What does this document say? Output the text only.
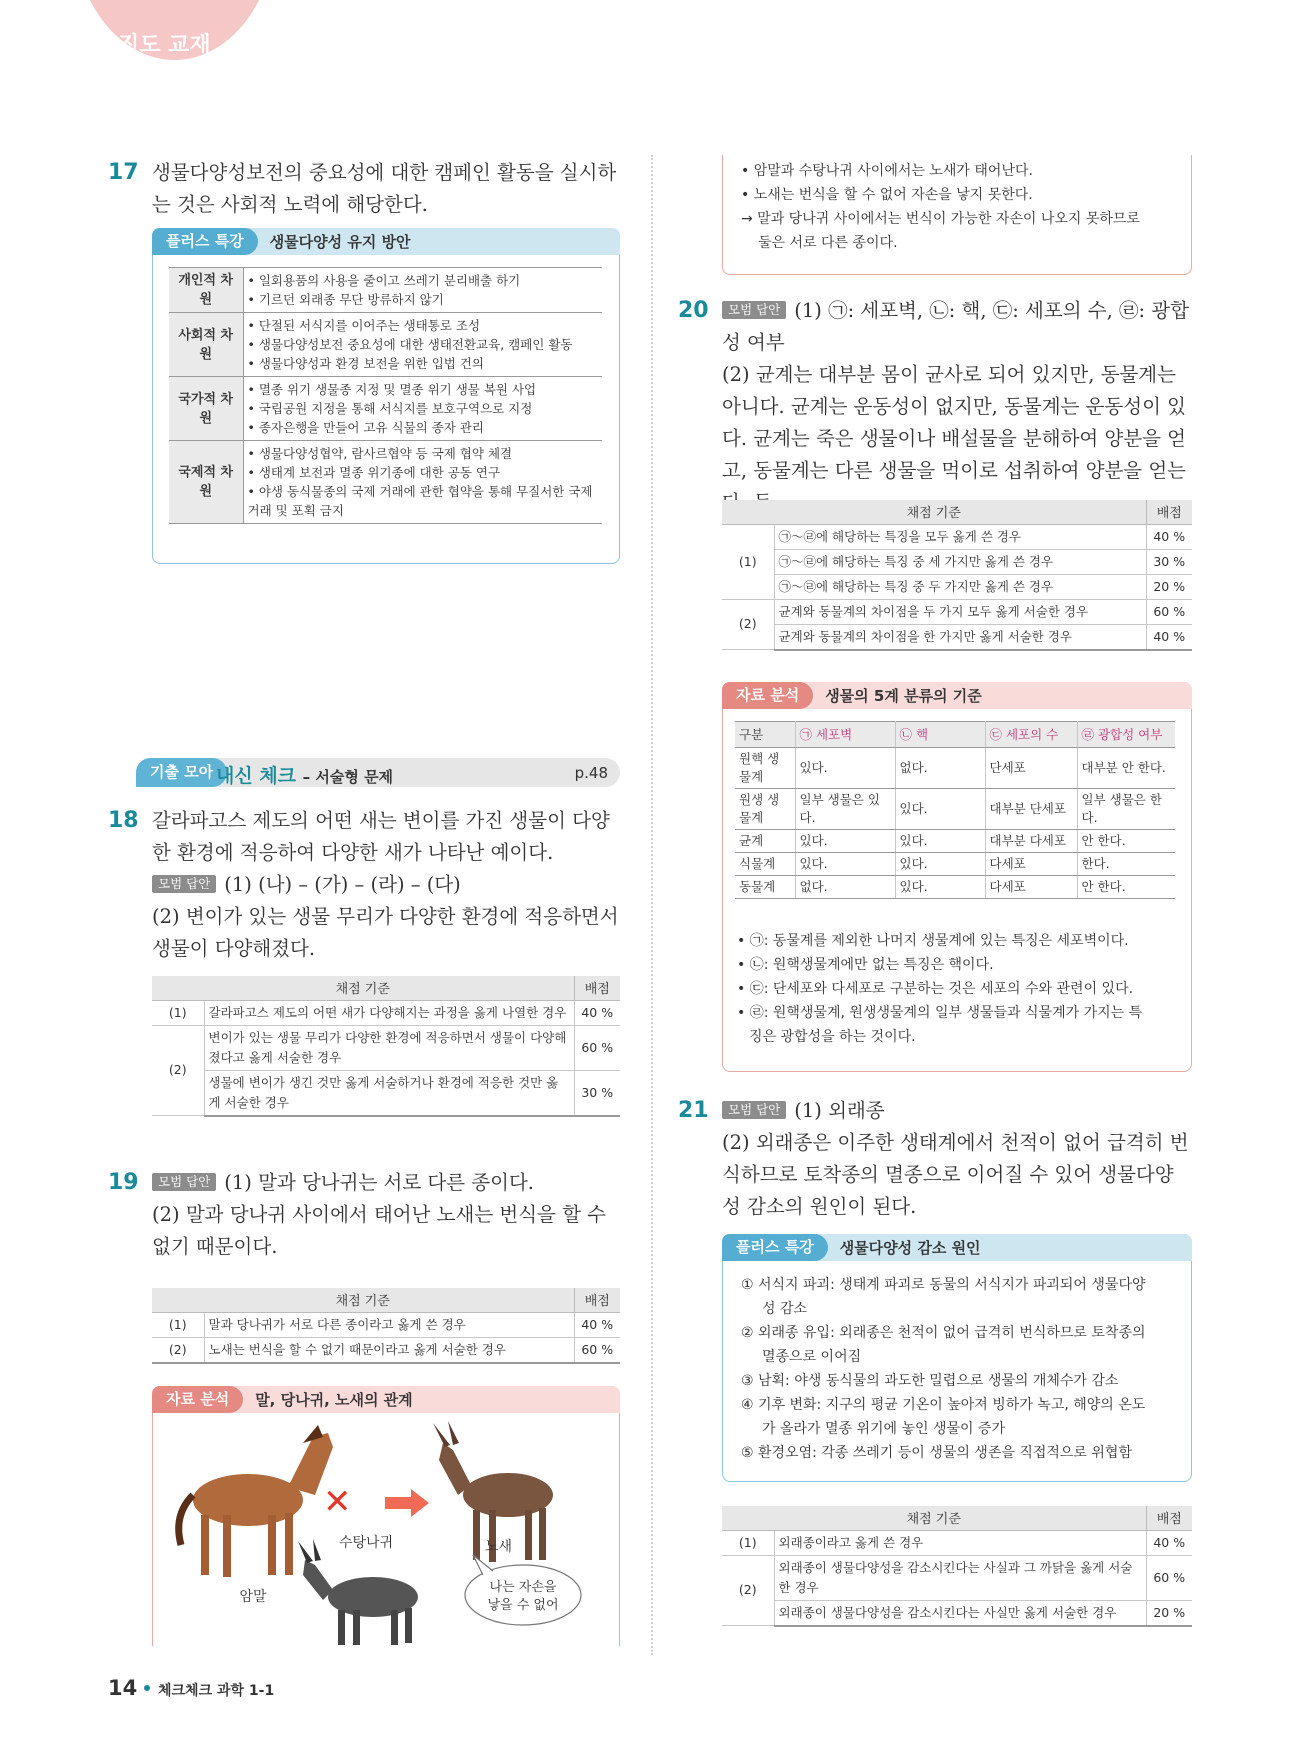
진도 교재
17 생물다양성보전의 중요성에 대한 캠페인 활동을 실시하는 것은 사회적 노력에 해당한다.
플러스 특강	생물다양성 유지 방안
개인적 차원	• 일회용품의 사용을 줄이고 쓰레기 분리배출 하기
• 기르던 외래종 무단 방류하지 않기

사회적 차원	• 단절된 서식지를 이어주는 생태통로 조성
• 생물다양성보전 중요성에 대한 생태전환교육, 캠페인 활동
• 생물다양성과 환경 보전을 위한 입법 건의

국가적 차원	• 멸종 위기 생물종 지정 및 멸종 위기 생물 복원 사업
• 국립공원 지정을 통해 서식지를 보호구역으로 지정
• 종자은행을 만들어 고유 식물의 종자 관리

국제적 차원	• 생물다양성협약, 람사르협약 등 국제 협약 체결
• 생태계 보전과 멸종 위기종에 대한 공동 연구
• 야생 동식물종의 국제 거래에 관한 협약을 통해 무질서한 국제 거래 및 포획 금지
기출 모아 내신 체크 – 서술형 문제	p.48
18 갈라파고스 제도의 어떤 새는 변이를 가진 생물이 다양한 환경에 적응하여 다양한 새가 나타난 예이다.
모범 답안 (1) (나) – (가) – (라) – (다)
(2) 변이가 있는 생물 무리가 다양한 환경에 적응하면서 생물이 다양해졌다.
채점 기준		배점
(1)	갈라파고스 제도의 어떤 새가 다양해지는 과정을 옳게 나열한 경우	40 %
(2)	변이가 있는 생물 무리가 다양한 환경에 적응하면서 생물이 다양해졌다고 옳게 서술한 경우	60 %
	생물에 변이가 생긴 것만 옳게 서술하거나 환경에 적응한 것만 옳게 서술한 경우	30 %
19	모범 답안 (1) 말과 당나귀는 서로 다른 종이다.
(2) 말과 당나귀 사이에서 태어난 노새는 번식을 할 수 없기 때문이다.
채점 기준		배점
(1)	말과 당나귀가 서로 다른 종이라고 옳게 쓴 경우	40 %
(2)	노새는 번식을 할 수 없기 때문이라고 옳게 서술한 경우	60 %
자료 분석	말, 당나귀, 노새의 관계
암말
✕
노새
수탕나귀
나는 자손을
낳을 수 없어
• 암말과 수탕나귀 사이에서는 노새가 태어난다.
• 노새는 번식을 할 수 없어 자손을 낳지 못한다.
→ 말과 당나귀 사이에서는 번식이 가능한 자손이 나오지 못하므로
둘은 서로 다른 종이다.
20	모범 답안 (1) ㉠: 세포벽, ㉡: 핵, ㉢: 세포의 수, ㉣: 광합성 여부
(2) 균계는 대부분 몸이 균사로 되어 있지만, 동물계는 아니다. 균계는 운동성이 없지만, 동물계는 운동성이 있다. 균계는 죽은 생물이나 배설물을 분해하여 양분을 얻고, 동물계는 다른 생물을 먹이로 섭취하여 양분을 얻는
채점 기준		배점
(1)	㉠～㉣에 해당하는 특징을 모두 옳게 쓴 경우	40 %
	㉠～㉣에 해당하는 특징 중 세 가지만 옳게 쓴 경우	30 %
	㉠～㉣에 해당하는 특징 중 두 가지만 옳게 쓴 경우	20 %
(2)	균계와 동물계의 차이점을 두 가지 모두 옳게 서술한 경우	60 %
	균계와 동물계의 차이점을 한 가지만 옳게 서술한 경우	40 %
자료 분석	생물의 5계 분류의 기준
구분	㉠ 세포벽	㉡ 핵	㉢ 세포의 수	㉣ 광합성 여부
원핵 생물계	있다.	없다.	단세포	대부분 안 한다.
원생 생물계	일부 생물은 있다.	있다.	대부분 단세포	일부 생물은 한다.
균계	있다.	있다.	대부분 다세포	안 한다.
식물계	있다.	있다.	다세포	한다.
동물계	없다.	있다.	다세포	안 한다.
• ㉠: 동물계를 제외한 나머지 생물계에 있는 특징은 세포벽이다.
• ㉡: 원핵생물계에만 없는 특징은 핵이다.
• ㉢: 단세포와 다세포로 구분하는 것은 세포의 수와 관련이 있다.
• ㉣: 원핵생물계, 원생생물계의 일부 생물들과 식물계가 가지는 특
징은 광합성을 하는 것이다.
21	모범 답안 (1) 외래종
(2) 외래종은 이주한 생태계에서 천적이 없어 급격히 번식하므로 토착종의 멸종으로 이어질 수 있어 생물다양성 감소의 원인이 된다.
플러스 특강	생물다양성 감소 원인
① 서식지 파괴: 생태계 파괴로 동물의 서식지가 파괴되어 생물다양
성 감소
② 외래종 유입: 외래종은 천적이 없어 급격히 번식하므로 토착종의
멸종으로 이어짐
③ 남획: 야생 동식물의 과도한 밀렵으로 생물의 개체수가 감소
④ 기후 변화: 지구의 평균 기온이 높아져 빙하가 녹고, 해양의 온도
가 올라가 멸종 위기에 놓인 생물이 증가
⑤ 환경오염: 각종 쓰레기 등이 생물의 생존을 직접적으로 위협함
채점 기준		배점
(1)	외래종이라고 옳게 쓴 경우	40 %
(2)	외래종이 생물다양성을 감소시킨다는 사실과 그 까닭을 옳게 서술한 경우	60 %
	외래종이 생물다양성을 감소시킨다는 사실만 옳게 서술한 경우	20 %
14 체크체크 과학 1-1
